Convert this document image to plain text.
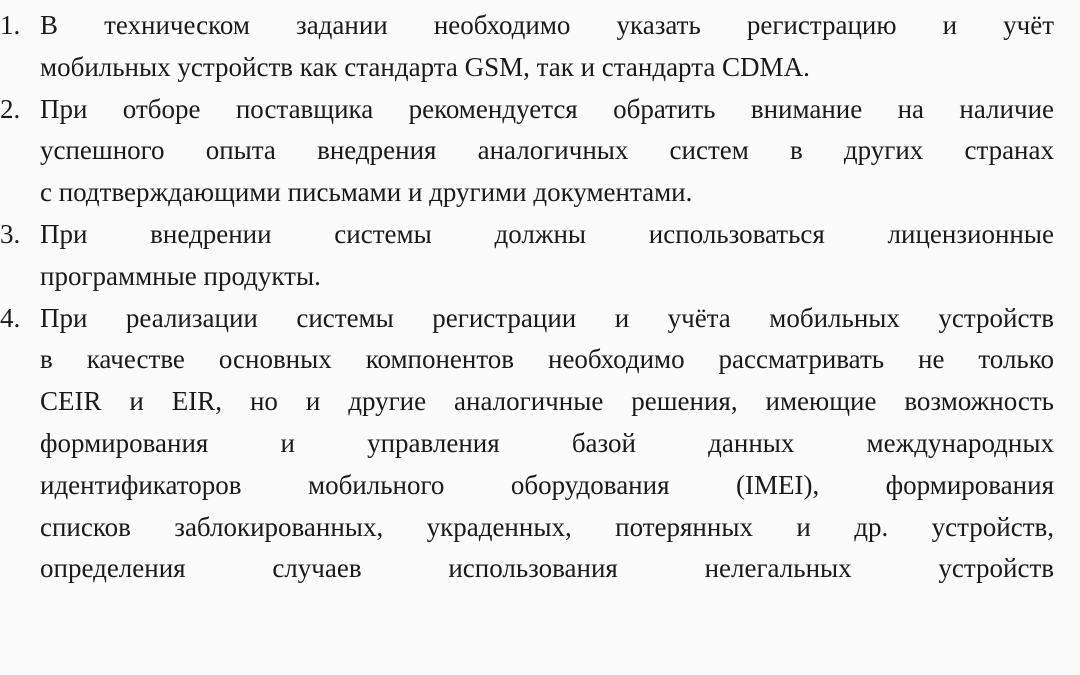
1. В техническом задании необходимо указать регистрацию и учёт
мобильных устройств как стандарта GSM, так и стандарта CDMA.
2. При отборе поставщика рекомендуется обратить внимание на наличие
успешного опыта внедрения аналогичных систем в других странах
с подтверждающими письмами и другими документами.
3. При внедрении системы должны использоваться лицензионные
программные продукты.
4. При реализации системы регистрации и учёта мобильных устройств
в качестве основных компонентов необходимо рассматривать не только
CEIR и EIR, но и другие аналогичные решения, имеющие возможность
формирования и управления базой данных международных
идентификаторов мобильного оборудования (IMEI), формирования
списков заблокированных, украденных, потерянных и др. устройств,
определения случаев использования нелегальных устройств
